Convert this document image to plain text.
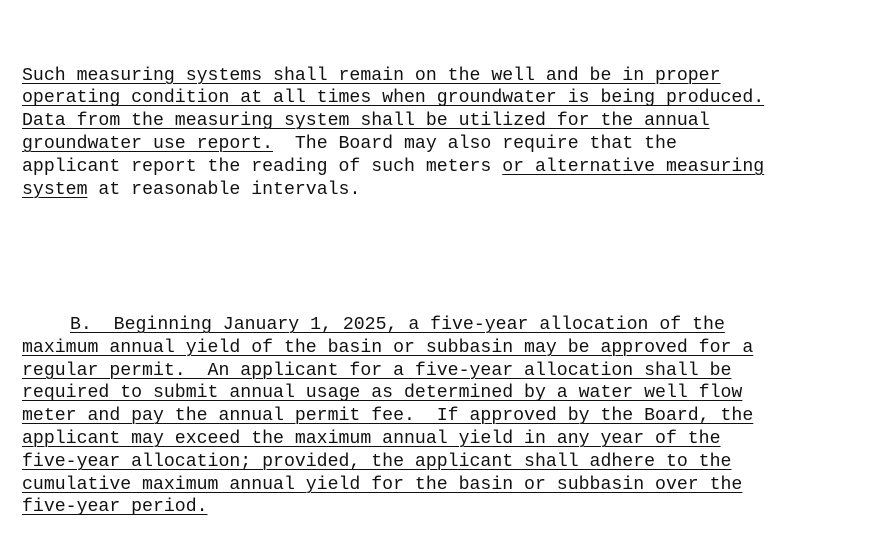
Such measuring systems shall remain on the well and be in proper
operating condition at all times when groundwater is being produced.
Data from the measuring system shall be utilized for the annual
groundwater use report.  The Board may also require that the
applicant report the reading of such meters or alternative measuring
system at reasonable intervals.

B.  Beginning January 1, 2025, a five-year allocation of the
maximum annual yield of the basin or subbasin may be approved for a
regular permit.  An applicant for a five-year allocation shall be
required to submit annual usage as determined by a water well flow
meter and pay the annual permit fee.  If approved by the Board, the
applicant may exceed the maximum annual yield in any year of the
five-year allocation; provided, the applicant shall adhere to the
cumulative maximum annual yield for the basin or subbasin over the
five-year period.
